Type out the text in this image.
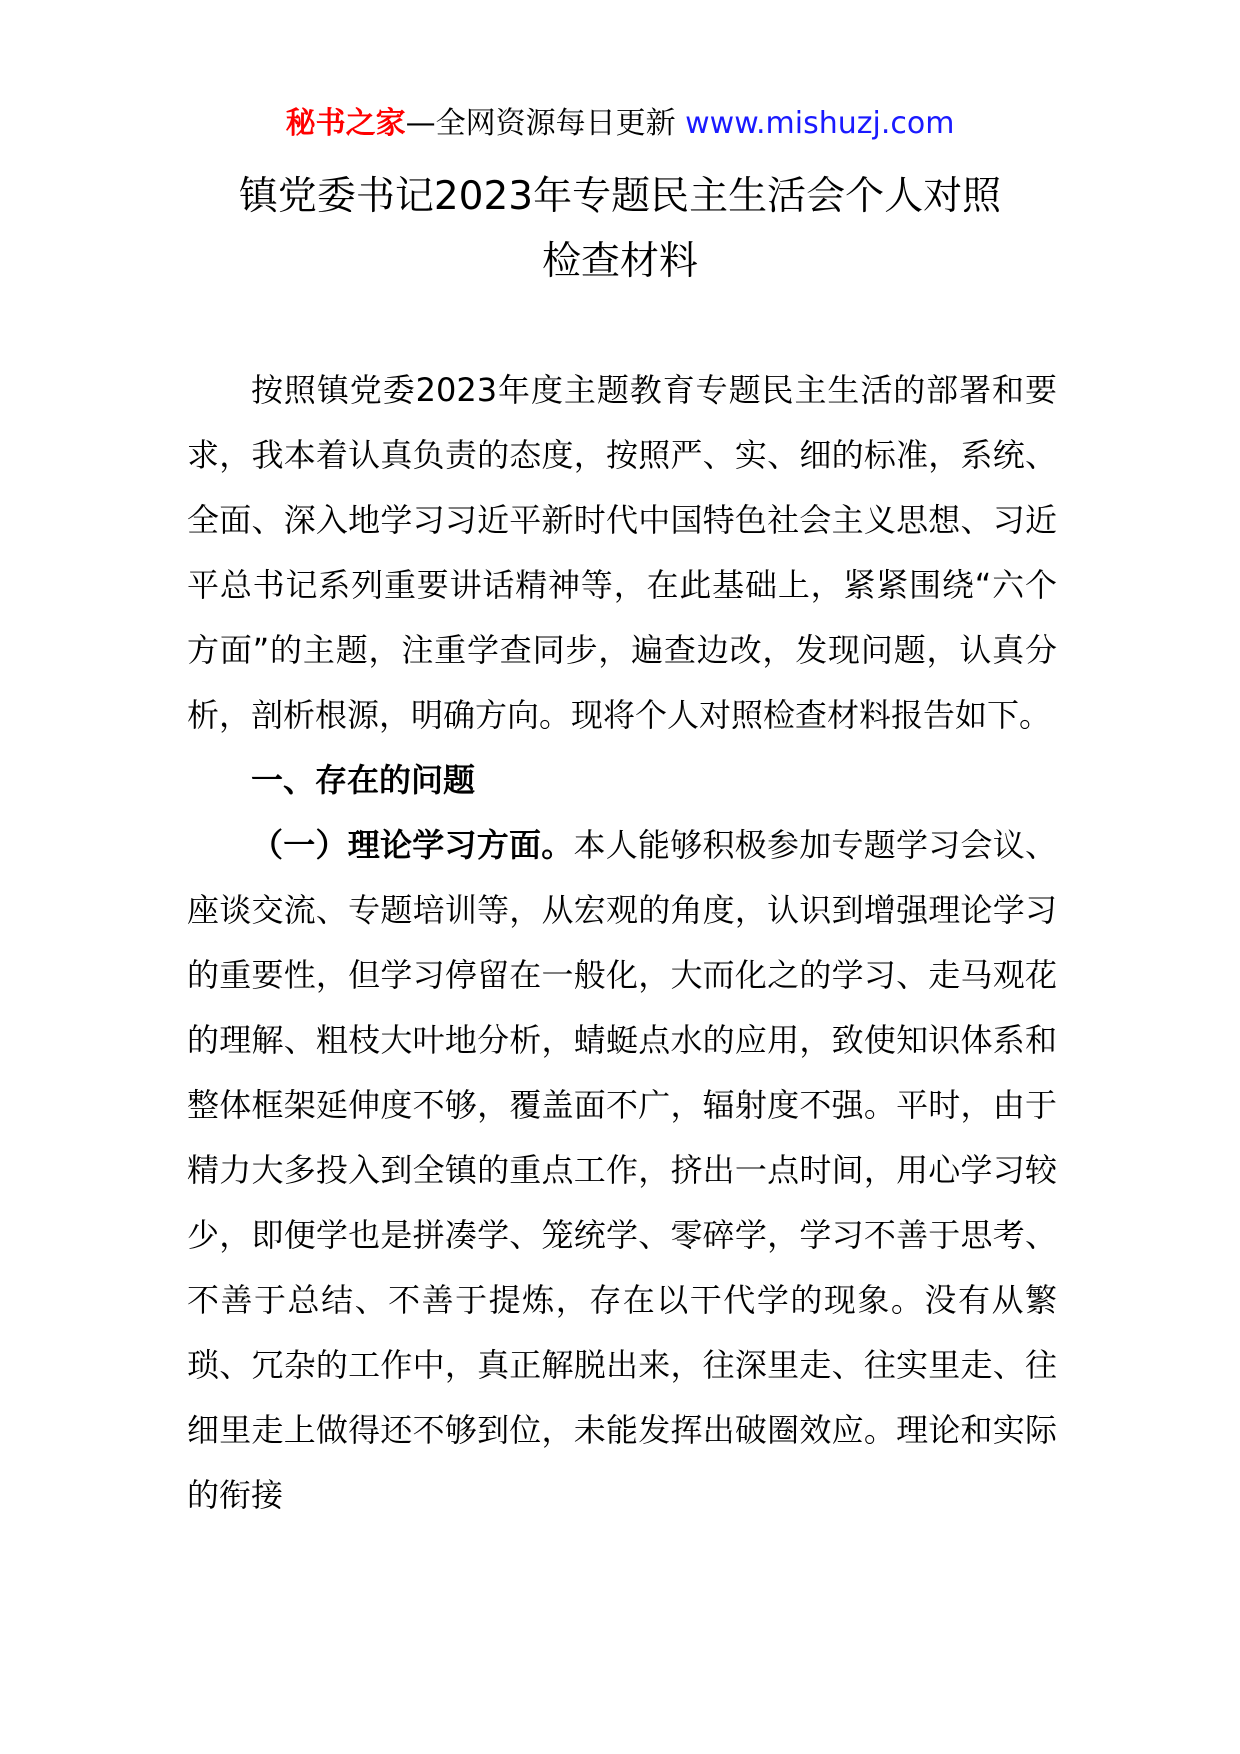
秘书之家—全网资源每日更新 www.mishuzj.com
镇党委书记2023年专题民主生活会个人对照
检查材料

按照镇党委2023年度主题教育专题民主生活的部署和要求，我本着认真负责的态度，按照严、实、细的标准，系统、全面、深入地学习习近平新时代中国特色社会主义思想、习近平总书记系列重要讲话精神等，在此基础上，紧紧围绕“六个方面”的主题，注重学查同步，遍查边改，发现问题，认真分析，剖析根源，明确方向。现将个人对照检查材料报告如下。

一、存在的问题

（一）理论学习方面。本人能够积极参加专题学习会议、座谈交流、专题培训等，从宏观的角度，认识到增强理论学习的重要性，但学习停留在一般化，大而化之的学习、走马观花的理解、粗枝大叶地分析，蜻蜓点水的应用，致使知识体系和整体框架延伸度不够，覆盖面不广，辐射度不强。平时，由于精力大多投入到全镇的重点工作，挤出一点时间，用心学习较少，即便学也是拼凑学、笼统学、零碎学，学习不善于思考、不善于总结、不善于提炼，存在以干代学的现象。没有从繁琐、冗杂的工作中，真正解脱出来，往深里走、往实里走、往细里走上做得还不够到位，未能发挥出破圈效应。理论和实际的衔接
